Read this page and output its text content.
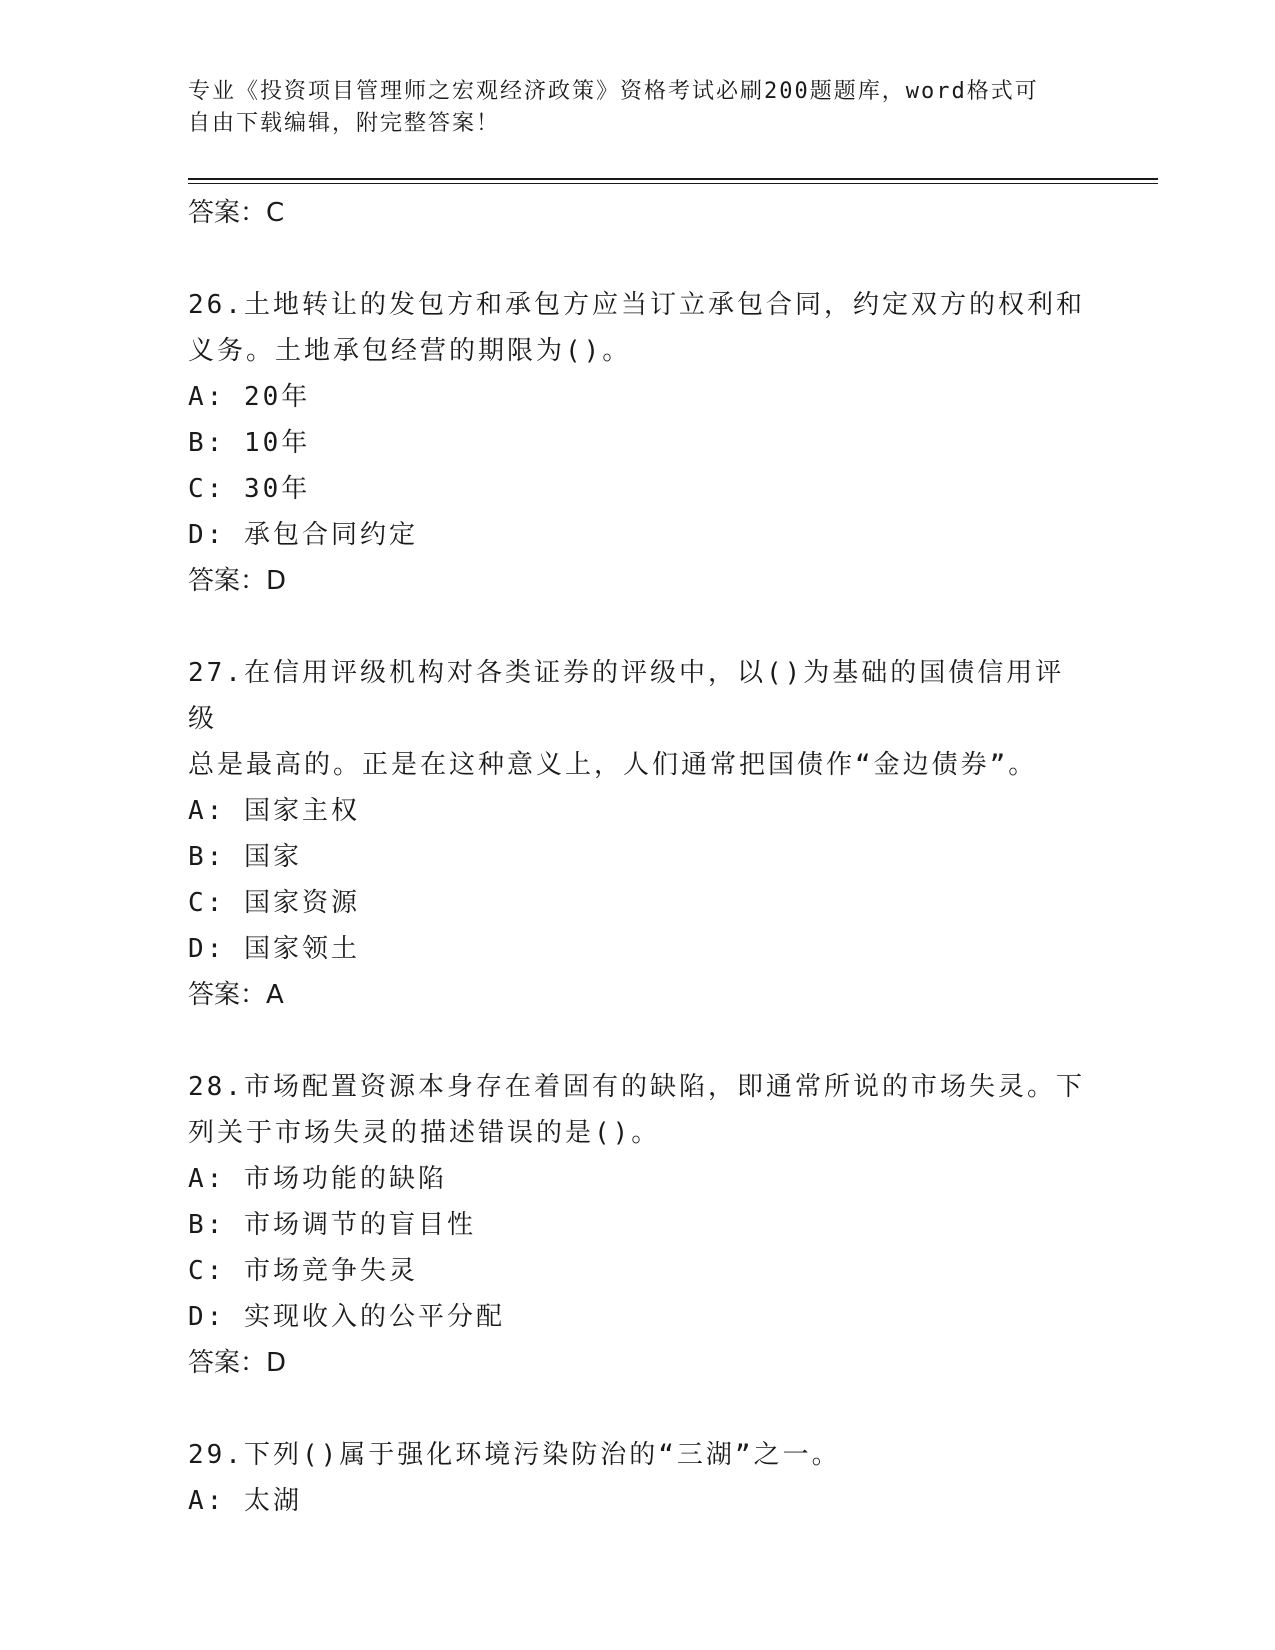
专业《投资项目管理师之宏观经济政策》资格考试必刷200题题库，word格式可
自由下载编辑，附完整答案！
答案：C
26.土地转让的发包方和承包方应当订立承包合同，约定双方的权利和
义务。土地承包经营的期限为()。
A: 20年
B: 10年
C: 30年
D: 承包合同约定
答案：D
27.在信用评级机构对各类证券的评级中，以()为基础的国债信用评级
总是最高的。正是在这种意义上，人们通常把国债作“金边债券”。
A: 国家主权
B: 国家
C: 国家资源
D: 国家领土
答案：A
28.市场配置资源本身存在着固有的缺陷，即通常所说的市场失灵。下
列关于市场失灵的描述错误的是()。
A: 市场功能的缺陷
B: 市场调节的盲目性
C: 市场竞争失灵
D: 实现收入的公平分配
答案：D
29.下列()属于强化环境污染防治的“三湖”之一。
A: 太湖
